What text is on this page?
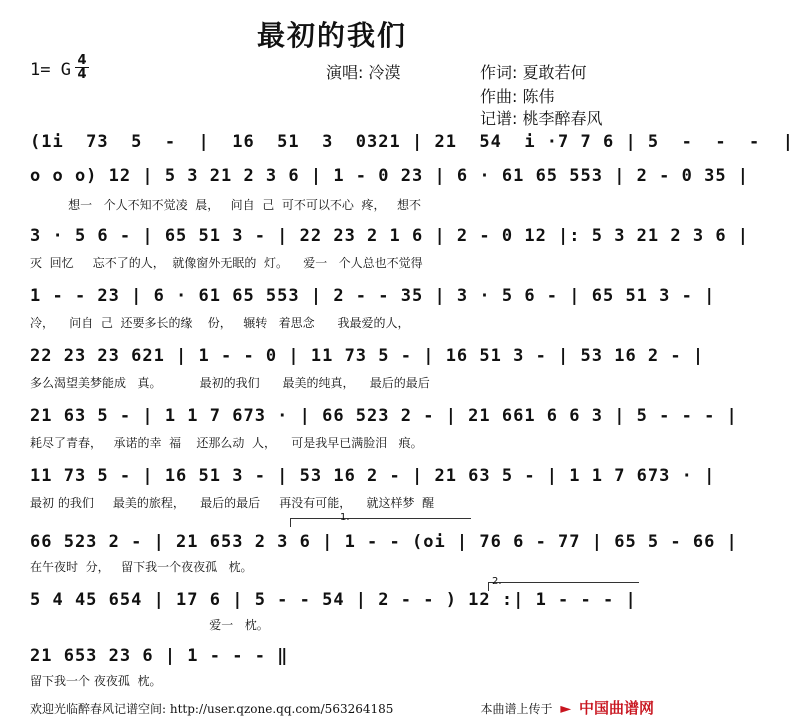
最初的我们
1= G 4
4	演唱: 冷漠	作词: 夏敢若何
作曲: 陈伟
记谱: 桃李醉春风
(1i  73  5  -  |  16  51  3  0321 | 21  54  i ·7 7 6 | 5  -  -  -  |
o o o) 12 | 5 3 21 2 3 6 | 1 - 0 23 | 6 · 61 65 553 | 2 - 0 35 |
想一   个人不知不觉凌  晨，   问自  己  可不可以不心  疼，   想不
3 · 5 6 - | 65 51 3 - | 22 23 2 1 6 | 2 - 0 12 |: 5 3 21 2 3 6 |
灭  回忆     忘不了的人，  就像窗外无眠的  灯。    爱一   个人总也不觉得
1 - - 23 | 6 · 61 65 553 | 2 - - 35 | 3 · 5 6 - | 65 51 3 - |
冷，    问自  己  还要多长的缘    份，   辗转   着思念      我最爱的人，
22 23 23 621 | 1 - - 0 | 11 73 5 - | 16 51 3 - | 53 16 2 - |
多么渴望美梦能成   真。          最初的我们      最美的纯真，    最后的最后
21 63 5 - | 1 1 7 673 · | 66 523 2 - | 21 661 6 6 3 | 5 - - - |
耗尽了青春，   承诺的幸  福    还那么动  人，    可是我早已满脸泪   痕。
11 73 5 - | 16 51 3 - | 53 16 2 - | 21 63 5 - | 1 1 7 673 · |
最初 的我们     最美的旅程，    最后的最后     再没有可能，    就这样梦  醒
1.
66 523 2 - | 21 653 2 3 6 | 1 - - (oi | 76 6 - 77 | 65 5 - 66 |
在午夜时  分，   留下我一个夜夜孤   枕。
2.
5 4 45 654 | 17 6 | 5 - - 54 | 2 - - ) 12 :| 1 - - - |
爱一   枕。
21 653 23 6 | 1 - - - ‖
留下我一个 夜夜孤  枕。
欢迎光临醉春风记谱空间: http://user.qzone.qq.com/563264185	本曲谱上传于 ► 中国曲谱网
